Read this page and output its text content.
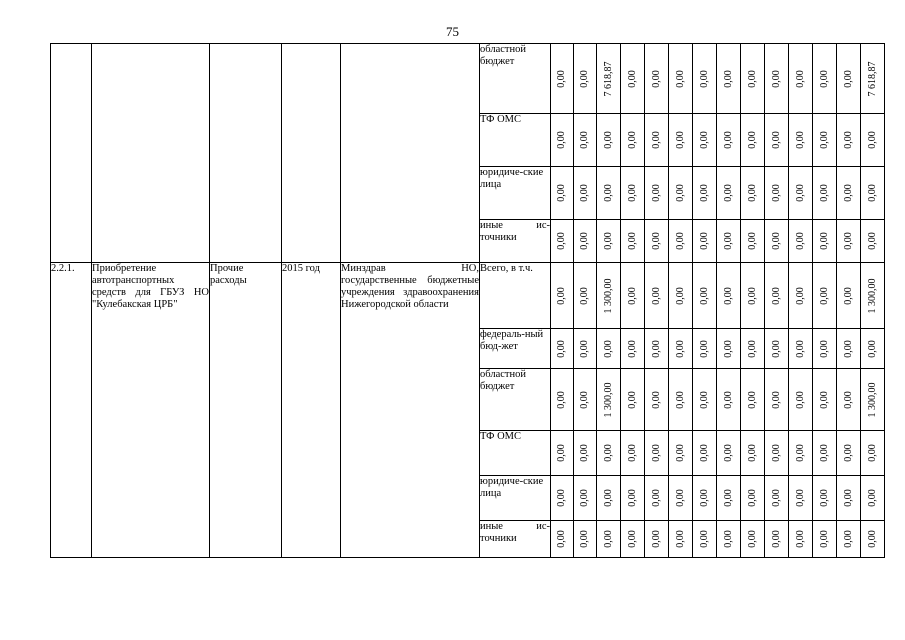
75
					областной бюджет	0,00	0,00	7 618,87	0,00	0,00	0,00	0,00	0,00	0,00	0,00	0,00	0,00	0,00	7 618,87

					ТФ ОМС	0,00	0,00	0,00	0,00	0,00	0,00	0,00	0,00	0,00	0,00	0,00	0,00	0,00	0,00

					юридиче-ские лица	0,00	0,00	0,00	0,00	0,00	0,00	0,00	0,00	0,00	0,00	0,00	0,00	0,00	0,00

					иные ис-точники	0,00	0,00	0,00	0,00	0,00	0,00	0,00	0,00	0,00	0,00	0,00	0,00	0,00	0,00

2.2.1.	Приобретение автотранспортных средств для ГБУЗ НО "Кулебакская ЦРБ"	Прочие расходы	2015 год	Минздрав НО, государственные бюджетные учреждения здравоохранения Нижегородской области	Всего, в т.ч.	0,00	0,00	1 300,00	0,00	0,00	0,00	0,00	0,00	0,00	0,00	0,00	0,00	0,00	1 300,00

					федераль-ный бюд-жет	0,00	0,00	0,00	0,00	0,00	0,00	0,00	0,00	0,00	0,00	0,00	0,00	0,00	0,00

					областной бюджет	0,00	0,00	1 300,00	0,00	0,00	0,00	0,00	0,00	0,00	0,00	0,00	0,00	0,00	1 300,00

					ТФ ОМС	0,00	0,00	0,00	0,00	0,00	0,00	0,00	0,00	0,00	0,00	0,00	0,00	0,00	0,00

					юридиче-ские лица	0,00	0,00	0,00	0,00	0,00	0,00	0,00	0,00	0,00	0,00	0,00	0,00	0,00	0,00

					иные ис-точники	0,00	0,00	0,00	0,00	0,00	0,00	0,00	0,00	0,00	0,00	0,00	0,00	0,00	0,00
